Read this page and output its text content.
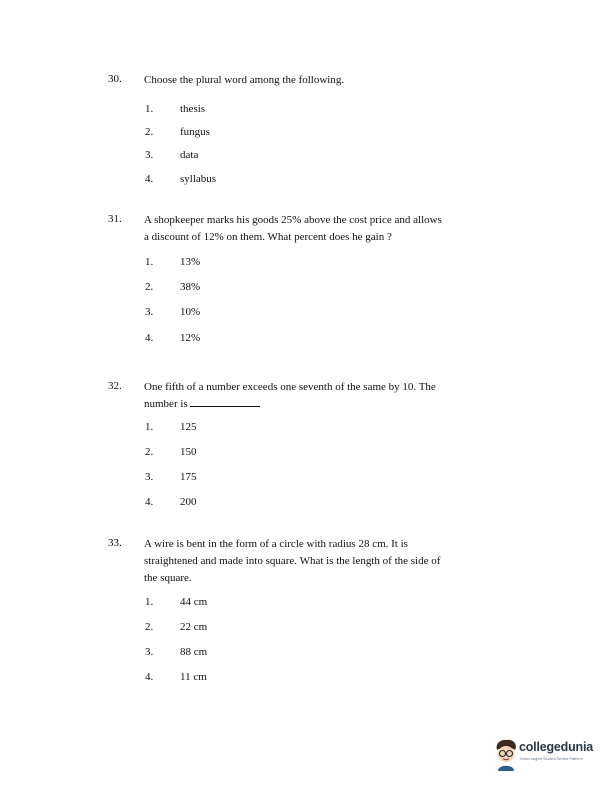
30. Choose the plural word among the following.
1. thesis
2. fungus
3. data
4. syllabus
31. A shopkeeper marks his goods 25% above the cost price and allows
a discount of 12% on them. What percent does he gain ?
1. 13%
2. 38%
3. 10%
4. 12%
32. One fifth of a number exceeds one seventh of the same by 10. The
number is
1. 125
2. 150
3. 175
4. 200
33. A wire is bent in the form of a circle with radius 28 cm. It is
straightened and made into square. What is the length of the side of
the square.
1. 44 cm
2. 22 cm
3. 88 cm
4. 11 cm
collegedunia
India's largest Student Review Platform
